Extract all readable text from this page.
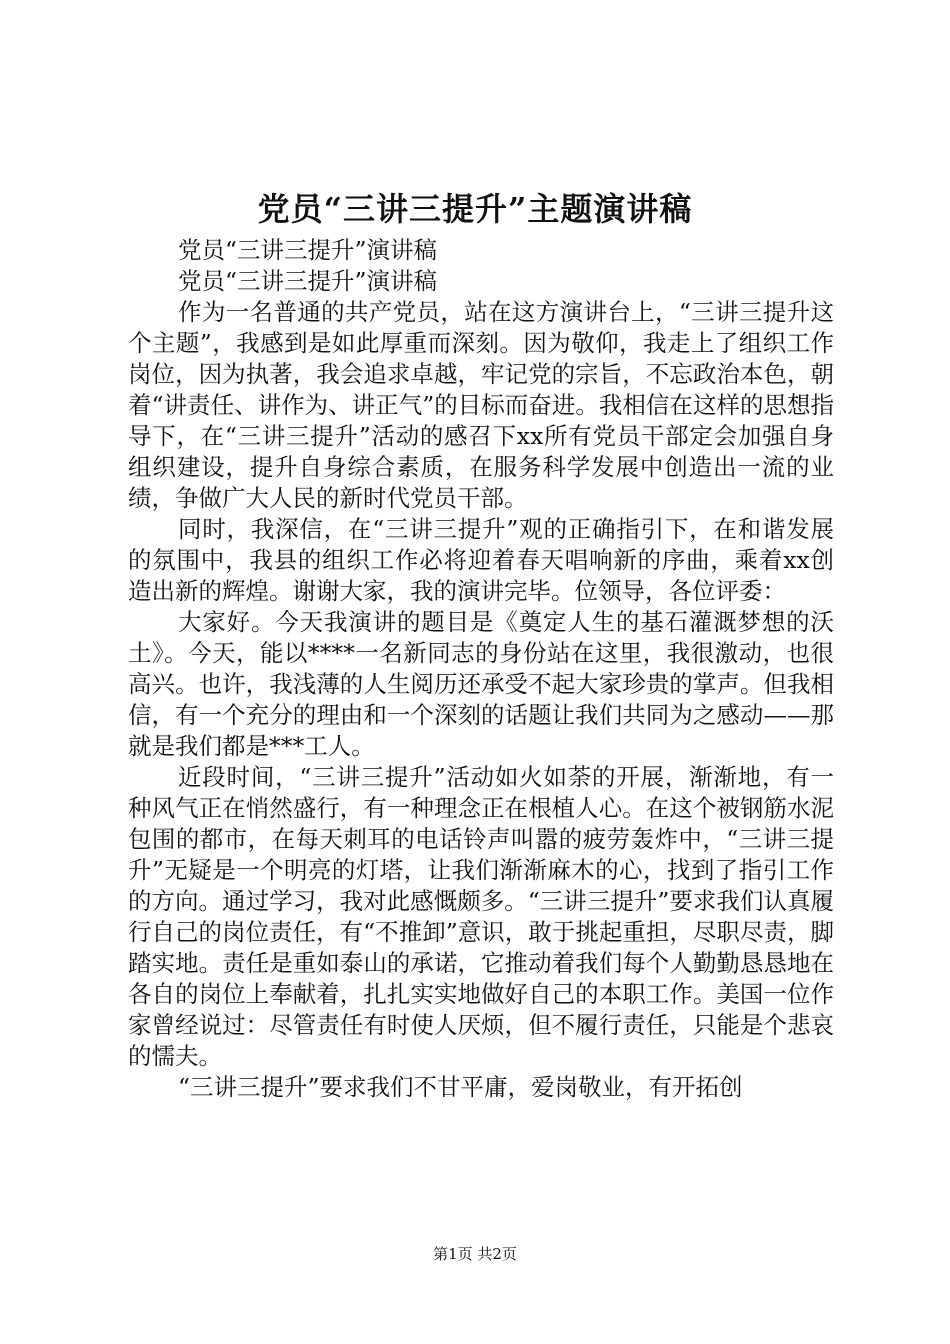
党员“三讲三提升”主题演讲稿

党员“三讲三提升”演讲稿

党员“三讲三提升”演讲稿

作为一名普通的共产党员，站在这方演讲台上，“三讲三提升这个主题”，我感到是如此厚重而深刻。因为敬仰，我走上了组织工作岗位，因为执著，我会追求卓越，牢记党的宗旨，不忘政治本色，朝着“讲责任、讲作为、讲正气”的目标而奋进。我相信在这样的思想指导下，在“三讲三提升”活动的感召下xx所有党员干部定会加强自身组织建设，提升自身综合素质，在服务科学发展中创造出一流的业绩，争做广大人民的新时代党员干部。

同时，我深信，在“三讲三提升”观的正确指引下，在和谐发展的氛围中，我县的组织工作必将迎着春天唱响新的序曲，乘着xx创造出新的辉煌。谢谢大家，我的演讲完毕。位领导，各位评委：

大家好。今天我演讲的题目是《奠定人生的基石灌溉梦想的沃土》。今天，能以****一名新同志的身份站在这里，我很激动，也很高兴。也许，我浅薄的人生阅历还承受不起大家珍贵的掌声。但我相信，有一个充分的理由和一个深刻的话题让我们共同为之感动——那就是我们都是***工人。

近段时间，“三讲三提升”活动如火如荼的开展，渐渐地，有一种风气正在悄然盛行，有一种理念正在根植人心。在这个被钢筋水泥包围的都市，在每天刺耳的电话铃声叫嚣的疲劳轰炸中，“三讲三提升”无疑是一个明亮的灯塔，让我们渐渐麻木的心，找到了指引工作的方向。通过学习，我对此感慨颇多。“三讲三提升”要求我们认真履行自己的岗位责任，有“不推卸”意识，敢于挑起重担，尽职尽责，脚踏实地。责任是重如泰山的承诺，它推动着我们每个人勤勤恳恳地在各自的岗位上奉献着，扎扎实实地做好自己的本职工作。美国一位作家曾经说过：尽管责任有时使人厌烦，但不履行责任，只能是个悲哀的懦夫。

“三讲三提升”要求我们不甘平庸，爱岗敬业，有开拓创

第1页 共2页
